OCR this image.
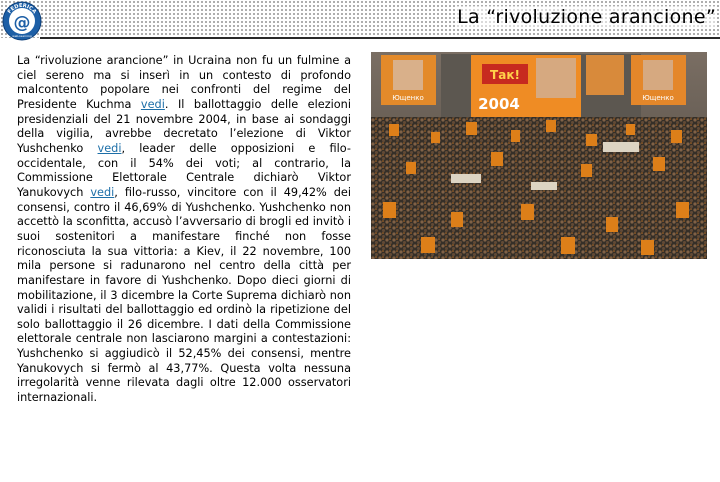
@
FEDERICA
web-learning
La “rivoluzione arancione”

La “rivoluzione arancione” in Ucraina non fu un fulmine a ciel sereno ma si inserì in un contesto di profondo malcontento popolare nei confronti del regime del Presidente Kuchma vedi. Il ballottaggio delle elezioni presidenziali del 21 novembre 2004, in base ai sondaggi della vigilia, avrebbe decretato l’elezione di Viktor Yushchenko vedi, leader delle opposizioni e filo-occidentale, con il 54% dei voti; al contrario, la Commissione Elettorale Centrale dichiarò Viktor Yanukovych vedi, filo-russo, vincitore con il 49,42% dei consensi, contro il 46,69% di Yushchenko. Yushchenko non accettò la sconfitta, accusò l’avversario di brogli ed invitò i suoi sostenitori a manifestare finché non fosse riconosciuta la sua vittoria: a Kiev, il 22 novembre, 100 mila persone si radunarono nel centro della città per manifestare in favore di Yushchenko. Dopo dieci giorni di mobilitazione, il 3 dicembre la Corte Suprema dichiarò non validi i risultati del ballottaggio ed ordinò la ripetizione del solo ballottaggio il 26 dicembre. I dati della Commissione elettorale centrale non lasciarono margini a contestazioni: Yushchenko si aggiudicò il 52,45% dei consensi, mentre Yanukovych si fermò al 43,77%. Questa volta nessuna irregolarità venne rilevata dagli oltre 12.000 osservatori internazionali.

Ющенко
Так!
2004	Ющенко
